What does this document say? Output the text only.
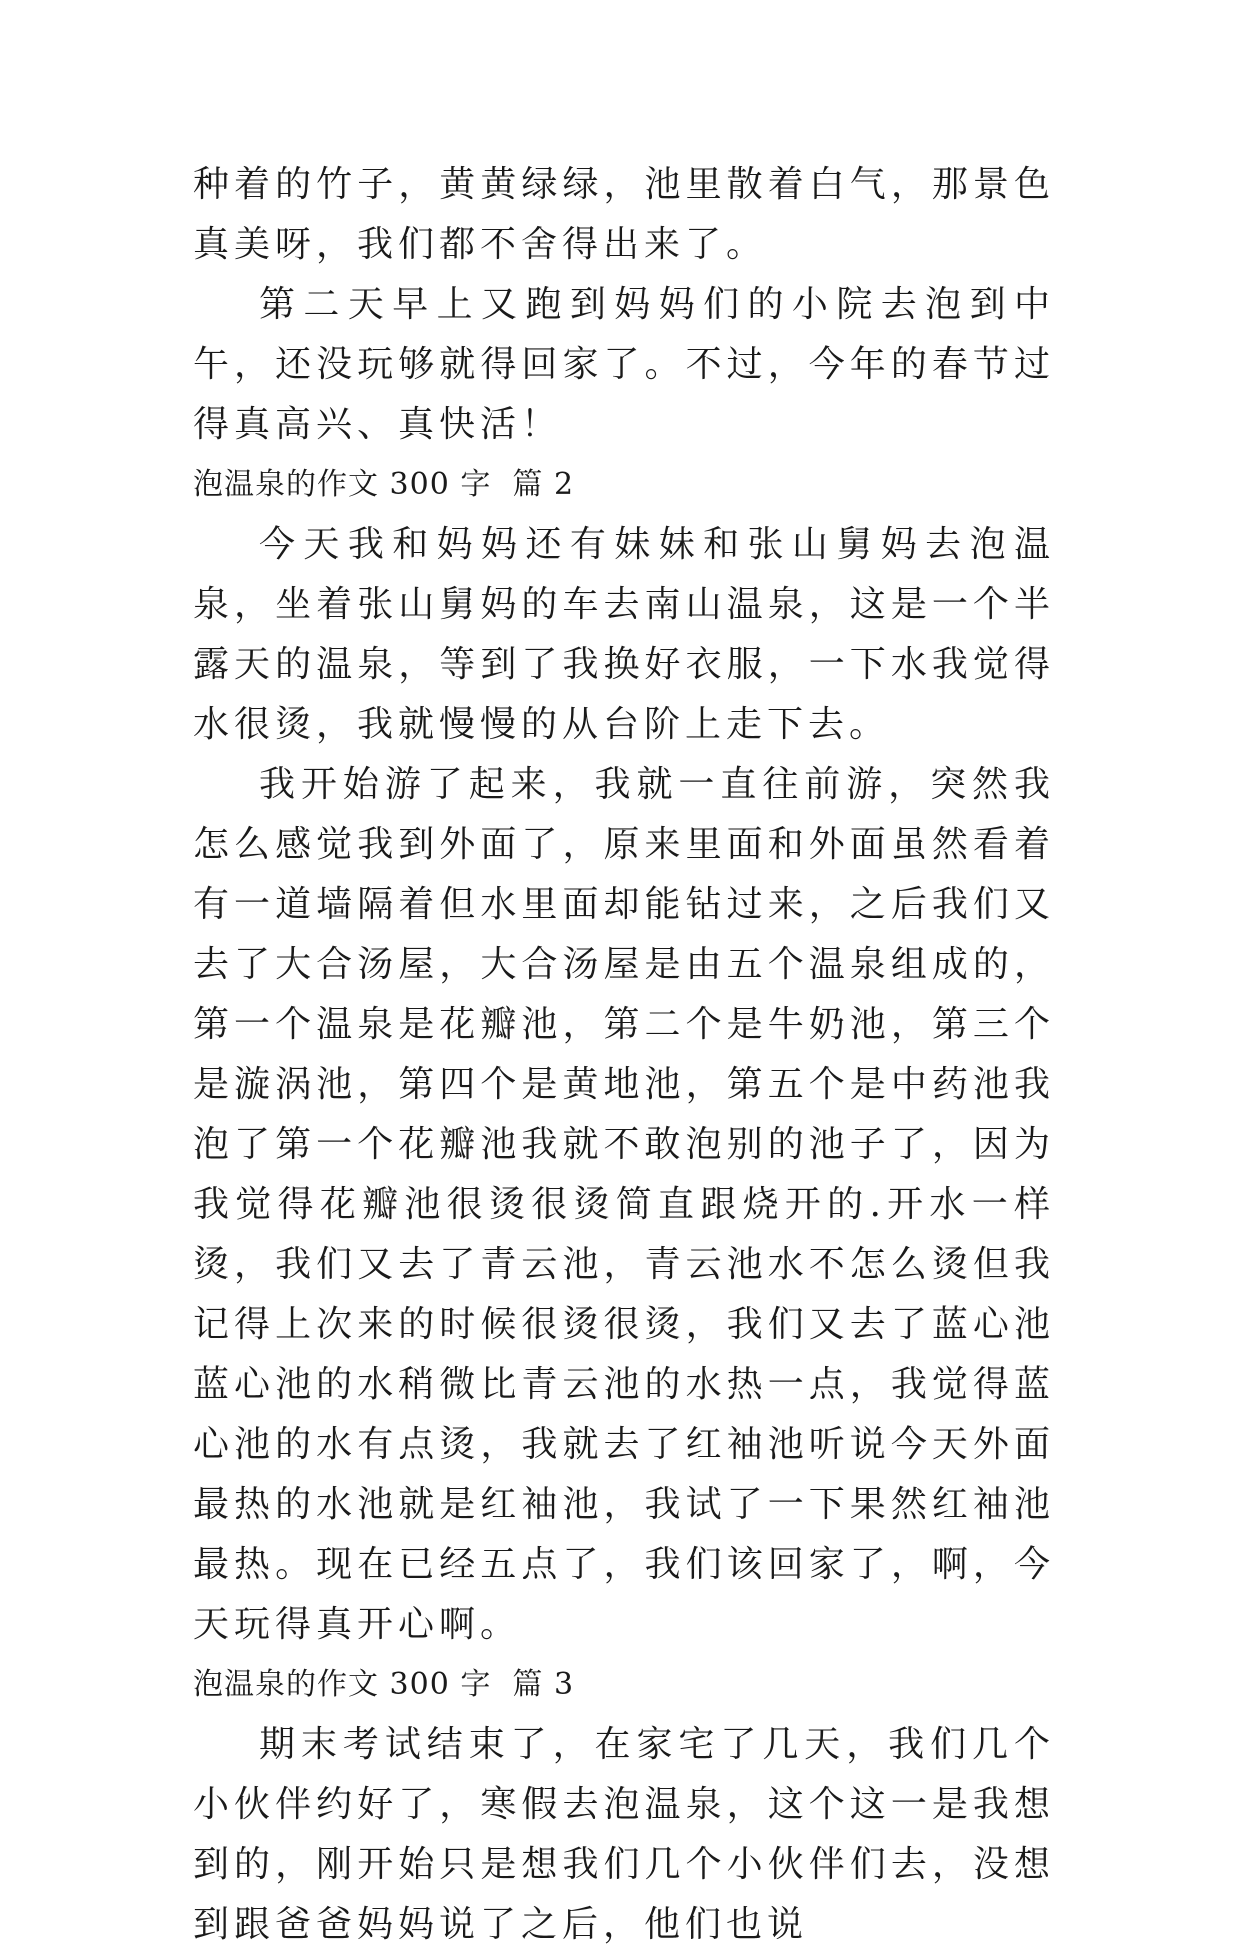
种着的竹子，黄黄绿绿，池里散着白气，那景色真美呀，我们都不舍得出来了。

第二天早上又跑到妈妈们的小院去泡到中午，还没玩够就得回家了。不过，今年的春节过得真高兴、真快活！

泡温泉的作文 300 字  篇 2

今天我和妈妈还有妹妹和张山舅妈去泡温泉，坐着张山舅妈的车去南山温泉，这是一个半露天的温泉，等到了我换好衣服，一下水我觉得水很烫，我就慢慢的从台阶上走下去。

我开始游了起来，我就一直往前游，突然我怎么感觉我到外面了，原来里面和外面虽然看着有一道墙隔着但水里面却能钻过来，之后我们又去了大合汤屋，大合汤屋是由五个温泉组成的，第一个温泉是花瓣池，第二个是牛奶池，第三个是漩涡池，第四个是黄地池，第五个是中药池我泡了第一个花瓣池我就不敢泡别的池子了，因为我觉得花瓣池很烫很烫简直跟烧开的.开水一样烫，我们又去了青云池，青云池水不怎么烫但我记得上次来的时候很烫很烫，我们又去了蓝心池蓝心池的水稍微比青云池的水热一点，我觉得蓝心池的水有点烫，我就去了红袖池听说今天外面最热的水池就是红袖池，我试了一下果然红袖池最热。现在已经五点了，我们该回家了，啊，今天玩得真开心啊。

泡温泉的作文 300 字  篇 3

期末考试结束了，在家宅了几天，我们几个小伙伴约好了，寒假去泡温泉，这个这一是我想到的，刚开始只是想我们几个小伙伴们去，没想到跟爸爸妈妈说了之后，他们也说
